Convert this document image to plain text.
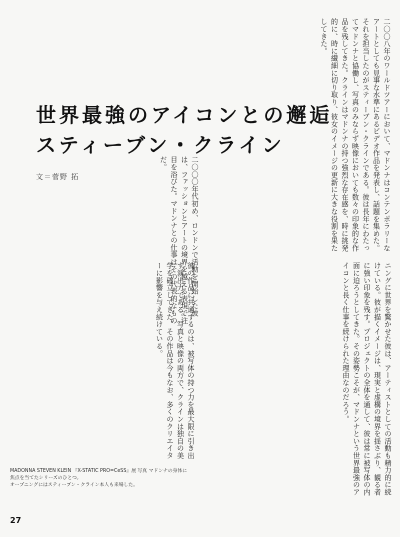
世界最強のアイコンとの邂逅
スティーブン・クライン
文＝菅野 拓	二〇〇八年のワールドツアーにおいて、マドンナはコンテンポラリーなアートとしても見事な水準にあるビデオ作品を発表し、話題を集めた。それを担当したのがスティーブン・クラインである。彼は長年にわたってマドンナと協働し、写真のみならず映像においても数々の印象的な作品を残してきた。クラインはマドンナの持つ強烈な存在感を、時に挑発的に、時に繊細に切り取り、彼女のイメージの更新に大きな役割を果たしてきた。

二〇〇〇年代初め、ロンドンで活動を開始した彼は、ファッションとアートの境界を越える表現で注目を浴びた。マドンナとの仕事はその代表的なものだ。

ニングに世界を驚かせた彼は、アーティストとしての活動も精力的に続けている。彼が描くイメージは、現実と虚構の境界を揺さぶり、観る者に強い印象を残す。プロジェクトの全体を通して、彼は常に被写体の内面に迫ろうとしてきた。その姿勢こそが、マドンナという世界最強のアイコンと長く仕事を続けられた理由なのだろう。

彼の作品に共通するのは、被写体の持つ力を最大限に引き出す演出力である。写真と映像の両方で、クラインは独自の美学を確立してきた。その作品は今もなお、多くのクリエイターに影響を与え続けている。

MADONNA STEVEN KLEIN 『X-STATIC PRO=CeSS』展 写真 マドンナの身体に焦点を当てたシリーズのひとつ。
オープニングにはスティーブン・クライン本人も来場した。
27
